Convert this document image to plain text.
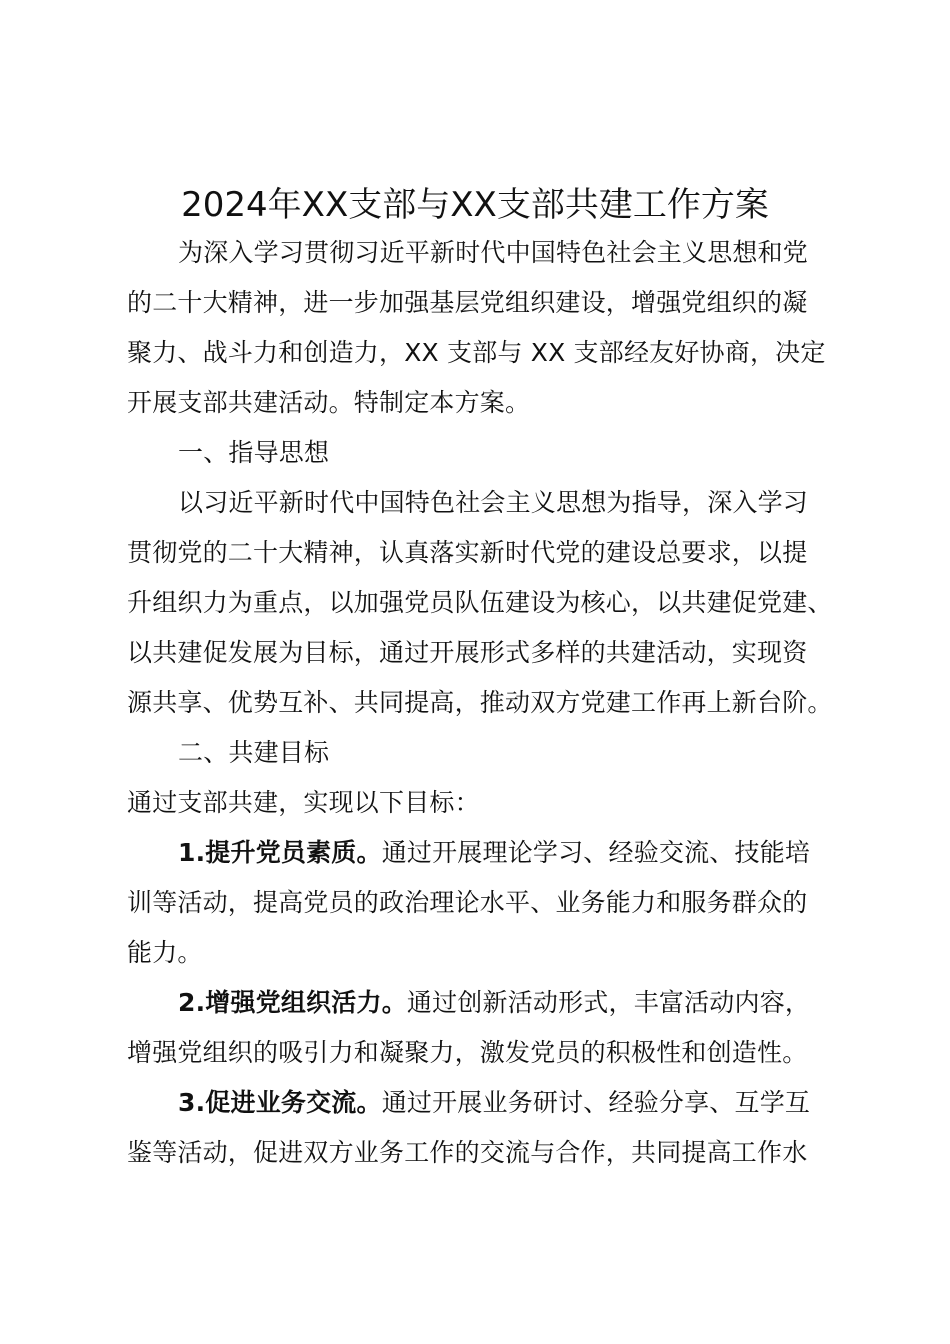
2024年XX支部与XX支部共建工作方案
为深入学习贯彻习近平新时代中国特色社会主义思想和党
的二十大精神，进一步加强基层党组织建设，增强党组织的凝
聚力、战斗力和创造力，XX 支部与 XX 支部经友好协商，决定
开展支部共建活动。特制定本方案。
一、指导思想
以习近平新时代中国特色社会主义思想为指导，深入学习
贯彻党的二十大精神，认真落实新时代党的建设总要求，以提
升组织力为重点，以加强党员队伍建设为核心，以共建促党建、
以共建促发展为目标，通过开展形式多样的共建活动，实现资
源共享、优势互补、共同提高，推动双方党建工作再上新台阶。
二、共建目标
通过支部共建，实现以下目标：
1.提升党员素质。通过开展理论学习、经验交流、技能培
训等活动，提高党员的政治理论水平、业务能力和服务群众的
能力。
2.增强党组织活力。通过创新活动形式，丰富活动内容，
增强党组织的吸引力和凝聚力，激发党员的积极性和创造性。
3.促进业务交流。通过开展业务研讨、经验分享、互学互
鉴等活动，促进双方业务工作的交流与合作，共同提高工作水
